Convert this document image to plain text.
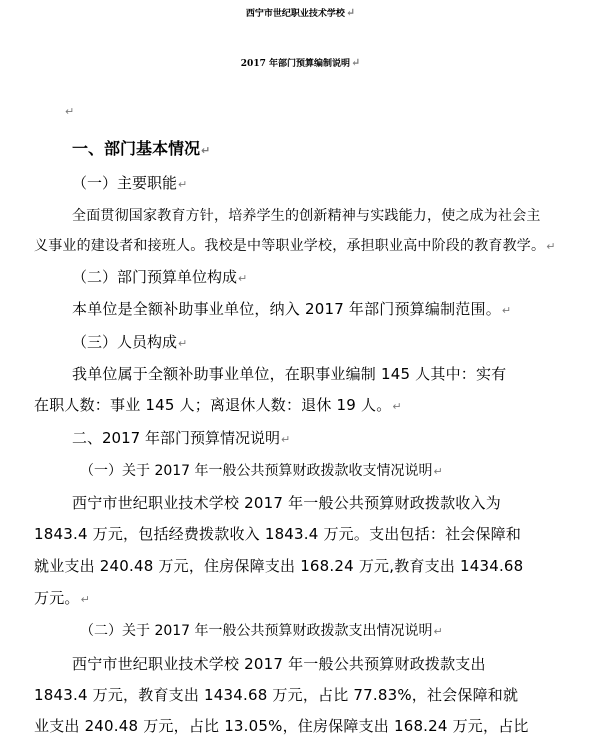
西宁市世纪职业技术学校↵
2017 年部门预算编制说明↵
↵
一、部门基本情况↵
（一）主要职能↵
全面贯彻国家教育方针，培养学生的创新精神与实践能力，使之成为社会主
义事业的建设者和接班人。我校是中等职业学校，承担职业高中阶段的教育教学。↵
（二）部门预算单位构成↵
本单位是全额补助事业单位，纳入 2017 年部门预算编制范围。↵
（三）人员构成↵
我单位属于全额补助事业单位，在职事业编制 145 人其中：实有
在职人数：事业 145 人；离退休人数：退休 19 人。↵
二、2017 年部门预算情况说明↵
（一）关于 2017 年一般公共预算财政拨款收支情况说明↵
西宁市世纪职业技术学校 2017 年一般公共预算财政拨款收入为
1843.4 万元，包括经费拨款收入 1843.4 万元。支出包括：社会保障和
就业支出 240.48 万元，住房保障支出 168.24 万元,教育支出 1434.68
万元。↵
（二）关于 2017 年一般公共预算财政拨款支出情况说明↵
西宁市世纪职业技术学校 2017 年一般公共预算财政拨款支出
1843.4 万元，教育支出 1434.68 万元，占比 77.83%，社会保障和就
业支出 240.48 万元，占比 13.05%，住房保障支出 168.24 万元，占比
